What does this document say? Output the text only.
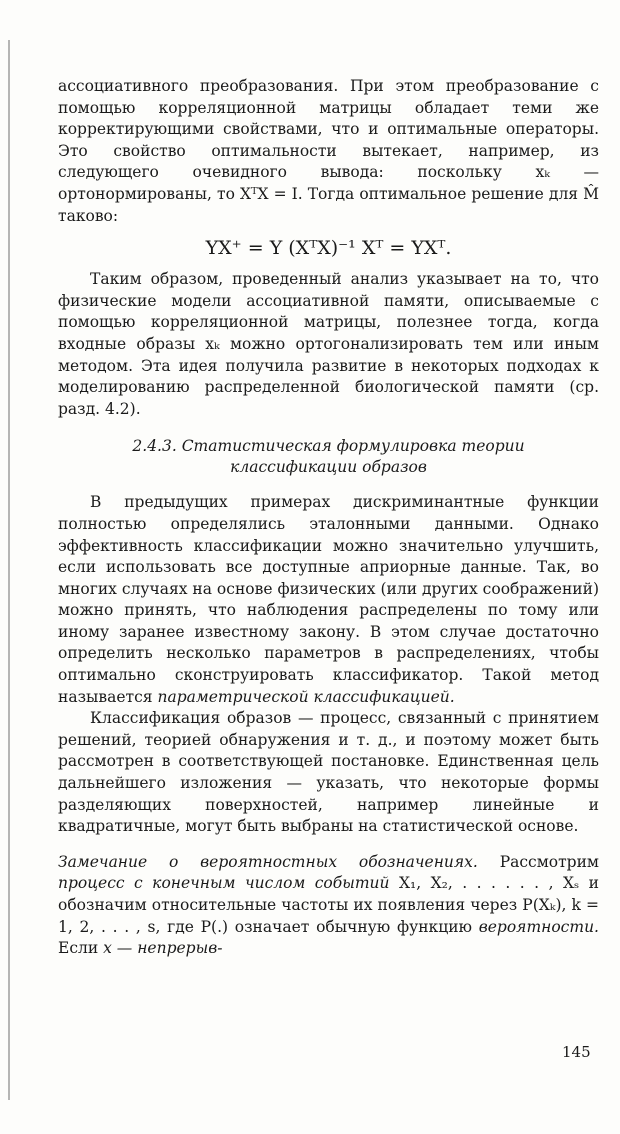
ассоциативного преобразования. При этом преобразование с помощью корреляционной матрицы обладает теми же корректирующими свойствами, что и оптимальные операторы. Это свойство оптимальности вытекает, например, из следующего очевидного вывода: поскольку xₖ — ортонормированы, то XᵀX = I. Тогда оптимальное решение для M̂ таково:

YX⁺ = Y (XᵀX)⁻¹ Xᵀ = YXᵀ.

Таким образом, проведенный анализ указывает на то, что физические модели ассоциативной памяти, описываемые с помощью корреляционной матрицы, полезнее тогда, когда входные образы xₖ можно ортогонализировать тем или иным методом. Эта идея получила развитие в некоторых подходах к моделированию распределенной биологической памяти (ср. разд. 4.2).

2.4.3. Статистическая формулировка теории
классификации образов

В предыдущих примерах дискриминантные функции полностью определялись эталонными данными. Однако эффективность классификации можно значительно улучшить, если использовать все доступные априорные данные. Так, во многих случаях на основе физических (или других соображений) можно принять, что наблюдения распределены по тому или иному заранее известному закону. В этом случае достаточно определить несколько параметров в распределениях, чтобы оптимально сконструировать классификатор. Такой метод называется параметрической классификацией.

Классификация образов — процесс, связанный с принятием решений, теорией обнаружения и т. д., и поэтому может быть рассмотрен в соответствующей постановке. Единственная цель дальнейшего изложения — указать, что некоторые формы разделяющих поверхностей, например линейные и квадратичные, могут быть выбраны на статистической основе.

Замечание о вероятностных обозначениях. Рассмотрим процесс с конечным числом событий X₁, X₂, . . . . . . , Xₛ и обозначим относительные частоты их появления через P(Xₖ), k = 1, 2, . . . , s, где P(.) означает обычную функцию вероятности. Если x — непрерыв-

145
